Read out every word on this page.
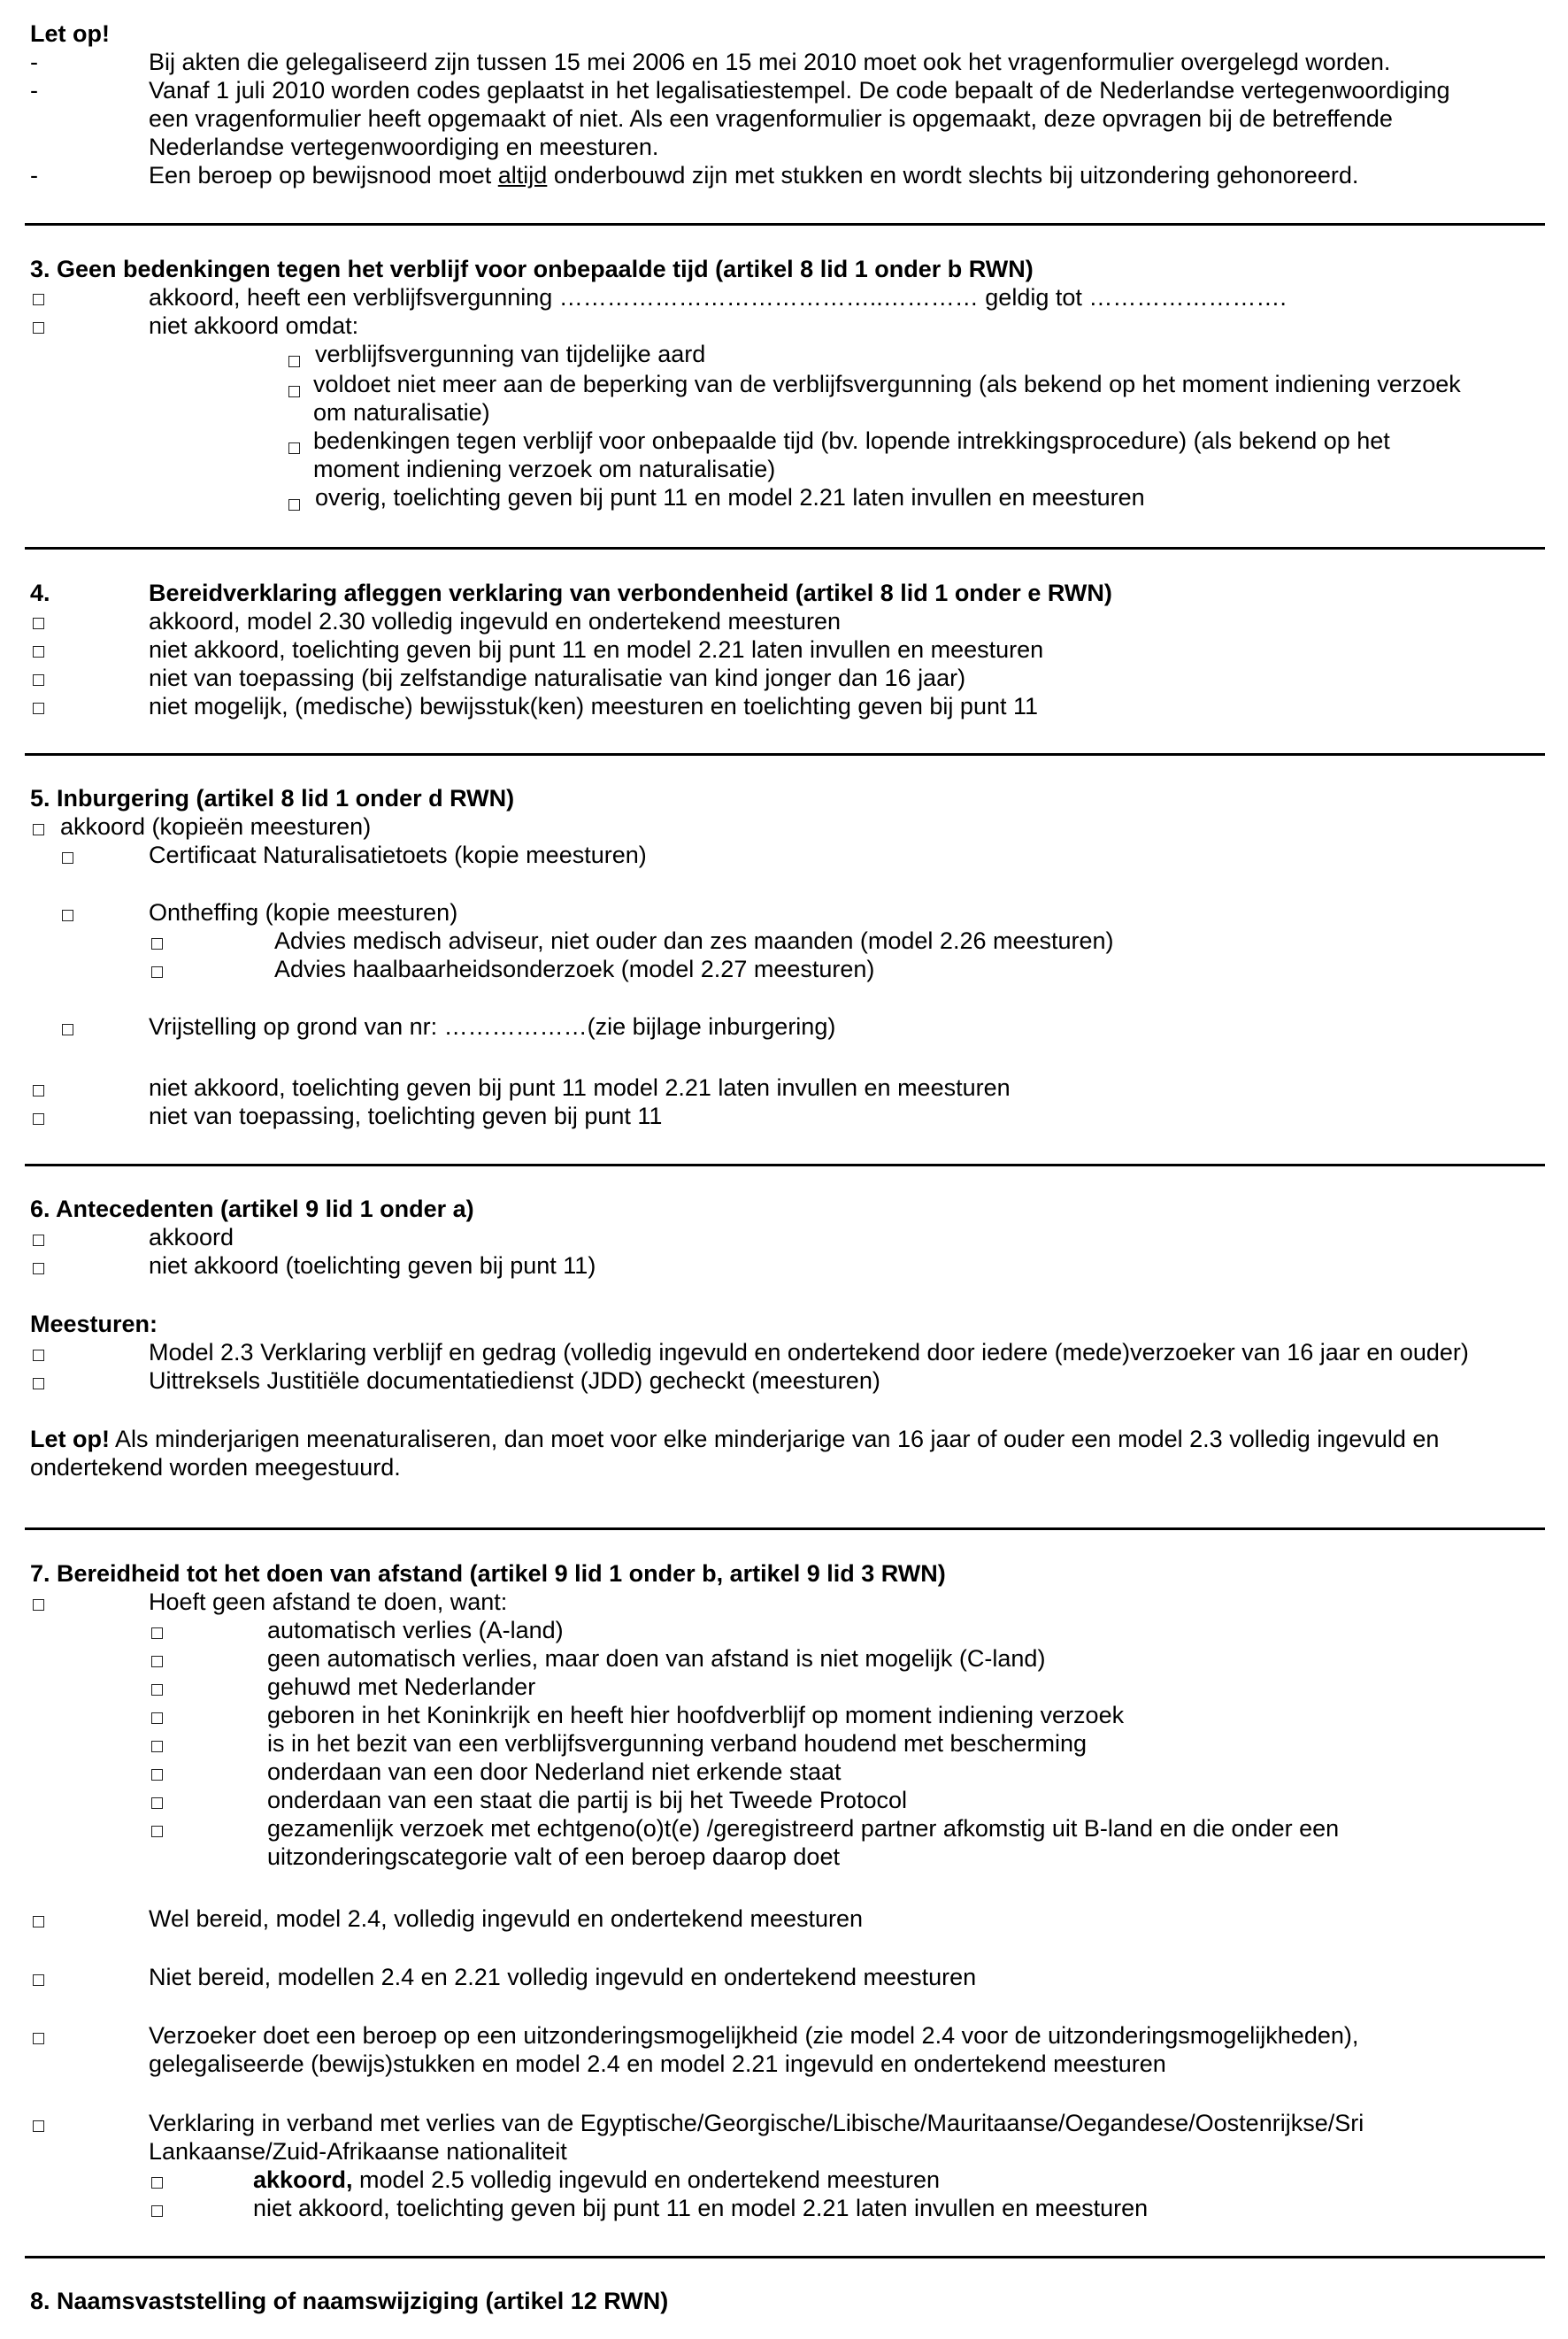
Let op!
-	Bij akten die gelegaliseerd zijn tussen 15 mei 2006 en 15 mei 2010 moet ook het vragenformulier overgelegd worden.
-	Vanaf 1 juli 2010 worden codes geplaatst in het legalisatiestempel. De code bepaalt of de Nederlandse vertegenwoordiging
een vragenformulier heeft opgemaakt of niet. Als een vragenformulier is opgemaakt, deze opvragen bij de betreffende
Nederlandse vertegenwoordiging en meesturen.
-	Een beroep op bewijsnood moet altijd onderbouwd zijn met stukken en wordt slechts bij uitzondering gehonoreerd.
3. Geen bedenkingen tegen het verblijf voor onbepaalde tijd (artikel 8 lid 1 onder b RWN)
akkoord, heeft een verblijfsvergunning …………………………………..………… geldig tot …………………….
niet akkoord omdat:
verblijfsvergunning van tijdelijke aard
voldoet niet meer aan de beperking van de verblijfsvergunning (als bekend op het moment indiening verzoek
om naturalisatie)
bedenkingen tegen verblijf voor onbepaalde tijd (bv. lopende intrekkingsprocedure) (als bekend op het
moment indiening verzoek om naturalisatie)
overig, toelichting geven bij punt 11 en model 2.21 laten invullen en meesturen
4.	Bereidverklaring afleggen verklaring van verbondenheid (artikel 8 lid 1 onder e RWN)
akkoord, model 2.30 volledig ingevuld en ondertekend meesturen
niet akkoord, toelichting geven bij punt 11 en model 2.21 laten invullen en meesturen
niet van toepassing (bij zelfstandige naturalisatie van kind jonger dan 16 jaar)
niet mogelijk, (medische) bewijsstuk(ken) meesturen en toelichting geven bij punt 11
5. Inburgering (artikel 8 lid 1 onder d RWN)
akkoord (kopieën meesturen)
Certificaat Naturalisatietoets (kopie meesturen)
Ontheffing (kopie meesturen)
Advies medisch adviseur, niet ouder dan zes maanden (model 2.26 meesturen)
Advies haalbaarheidsonderzoek (model 2.27 meesturen)
Vrijstelling op grond van nr: ………………(zie bijlage inburgering)
niet akkoord, toelichting geven bij punt 11 model 2.21 laten invullen en meesturen
niet van toepassing, toelichting geven bij punt 11
6. Antecedenten (artikel 9 lid 1 onder a)
akkoord
niet akkoord (toelichting geven bij punt 11)
Meesturen:
Model 2.3 Verklaring verblijf en gedrag (volledig ingevuld en ondertekend door iedere (mede)verzoeker van 16 jaar en ouder)
Uittreksels Justitiële documentatiedienst (JDD) gecheckt (meesturen)
Let op! Als minderjarigen meenaturaliseren, dan moet voor elke minderjarige van 16 jaar of ouder een model 2.3 volledig ingevuld en
ondertekend worden meegestuurd.
7. Bereidheid tot het doen van afstand (artikel 9 lid 1 onder b, artikel 9 lid 3 RWN)
Hoeft geen afstand te doen, want:
automatisch verlies (A-land)
geen automatisch verlies, maar doen van afstand is niet mogelijk (C-land)
gehuwd met Nederlander
geboren in het Koninkrijk en heeft hier hoofdverblijf op moment indiening verzoek
is in het bezit van een verblijfsvergunning verband houdend met bescherming
onderdaan van een door Nederland niet erkende staat
onderdaan van een staat die partij is bij het Tweede Protocol
gezamenlijk verzoek met echtgeno(o)t(e) /geregistreerd partner afkomstig uit B-land en die onder een
uitzonderingscategorie valt of een beroep daarop doet
Wel bereid, model 2.4, volledig ingevuld en ondertekend meesturen
Niet bereid, modellen 2.4 en 2.21 volledig ingevuld en ondertekend meesturen
Verzoeker doet een beroep op een uitzonderingsmogelijkheid (zie model 2.4 voor de uitzonderingsmogelijkheden),
gelegaliseerde (bewijs)stukken en model 2.4 en model 2.21 ingevuld en ondertekend meesturen
Verklaring in verband met verlies van de Egyptische/Georgische/Libische/Mauritaanse/Oegandese/Oostenrijkse/Sri
Lankaanse/Zuid-Afrikaanse nationaliteit
akkoord, model 2.5 volledig ingevuld en ondertekend meesturen
niet akkoord, toelichting geven bij punt 11 en model 2.21 laten invullen en meesturen
8. Naamsvaststelling of naamswijziging (artikel 12 RWN)
